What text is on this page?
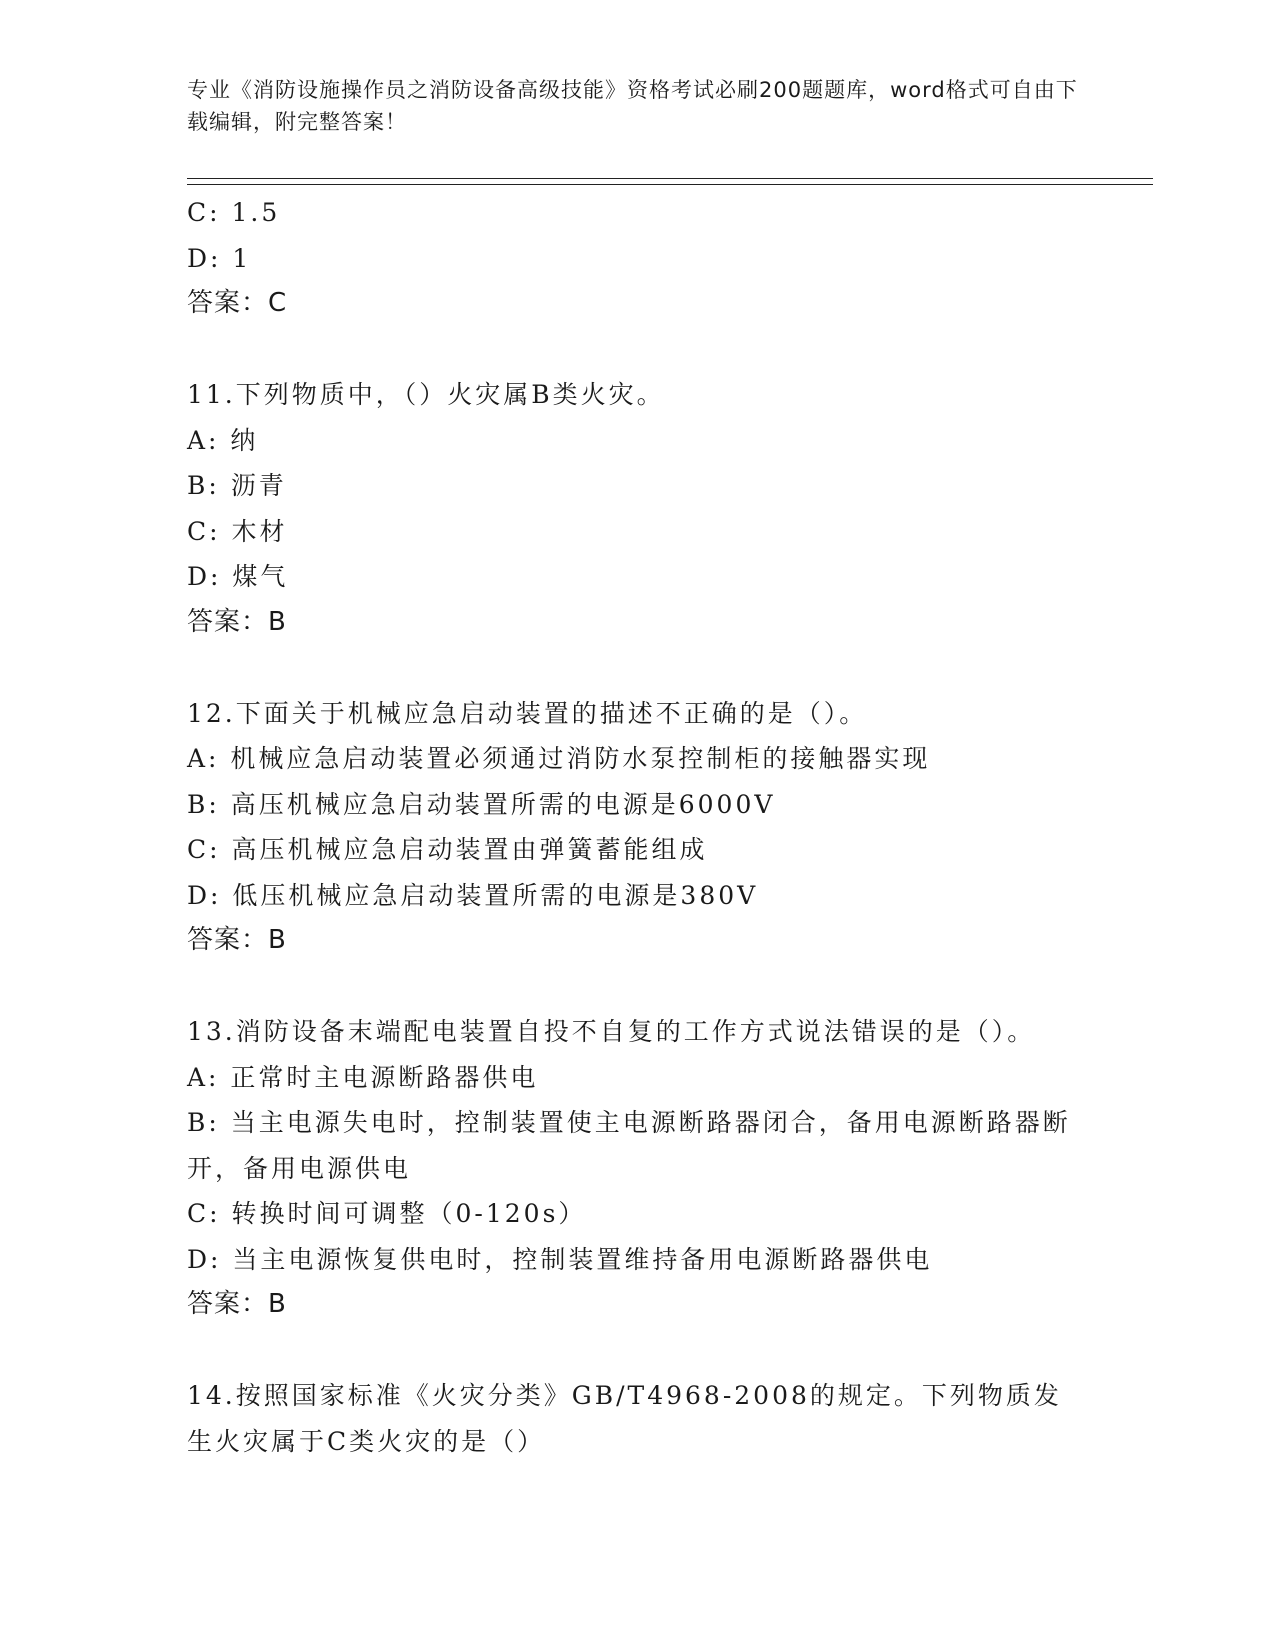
专业《消防设施操作员之消防设备高级技能》资格考试必刷200题题库，word格式可自由下载编辑，附完整答案！
C: 1.5
D: 1
答案：C
11.下列物质中，（）火灾属B类火灾。
A: 纳
B: 沥青
C: 木材
D: 煤气
答案：B
12.下面关于机械应急启动装置的描述不正确的是（）。
A: 机械应急启动装置必须通过消防水泵控制柜的接触器实现
B: 高压机械应急启动装置所需的电源是6000V
C: 高压机械应急启动装置由弹簧蓄能组成
D: 低压机械应急启动装置所需的电源是380V
答案：B
13.消防设备末端配电装置自投不自复的工作方式说法错误的是（）。
A: 正常时主电源断路器供电
B: 当主电源失电时，控制装置使主电源断路器闭合，备用电源断路器断开，备用电源供电
C: 转换时间可调整（0-120s）
D: 当主电源恢复供电时，控制装置维持备用电源断路器供电
答案：B
14.按照国家标准《火灾分类》GB/T4968-2008的规定。下列物质发生火灾属于C类火灾的是（）
